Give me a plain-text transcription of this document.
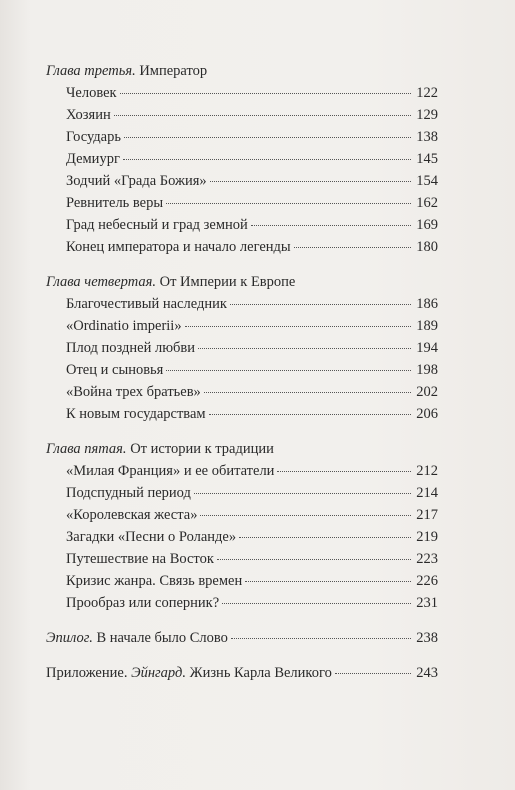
Глава третья. Император
Человек	122
Хозяин	129
Государь	138
Демиург	145
Зодчий «Града Божия»	154
Ревнитель веры	162
Град небесный и град земной	169
Конец императора и начало легенды	180
Глава четвертая. От Империи к Европе
Благочестивый наследник	186
«Ordinatio imperii»	189
Плод поздней любви	194
Отец и сыновья	198
«Война трех братьев»	202
К новым государствам	206
Глава пятая. От истории к традиции
«Милая Франция» и ее обитатели	212
Подспудный период	214
«Королевская жеста»	217
Загадки «Песни о Роланде»	219
Путешествие на Восток	223
Кризис жанра. Связь времен	226
Прообраз или соперник?	231
Эпилог. В начале было Слово	238
Приложение. Эйнгард. Жизнь Карла Великого	243
